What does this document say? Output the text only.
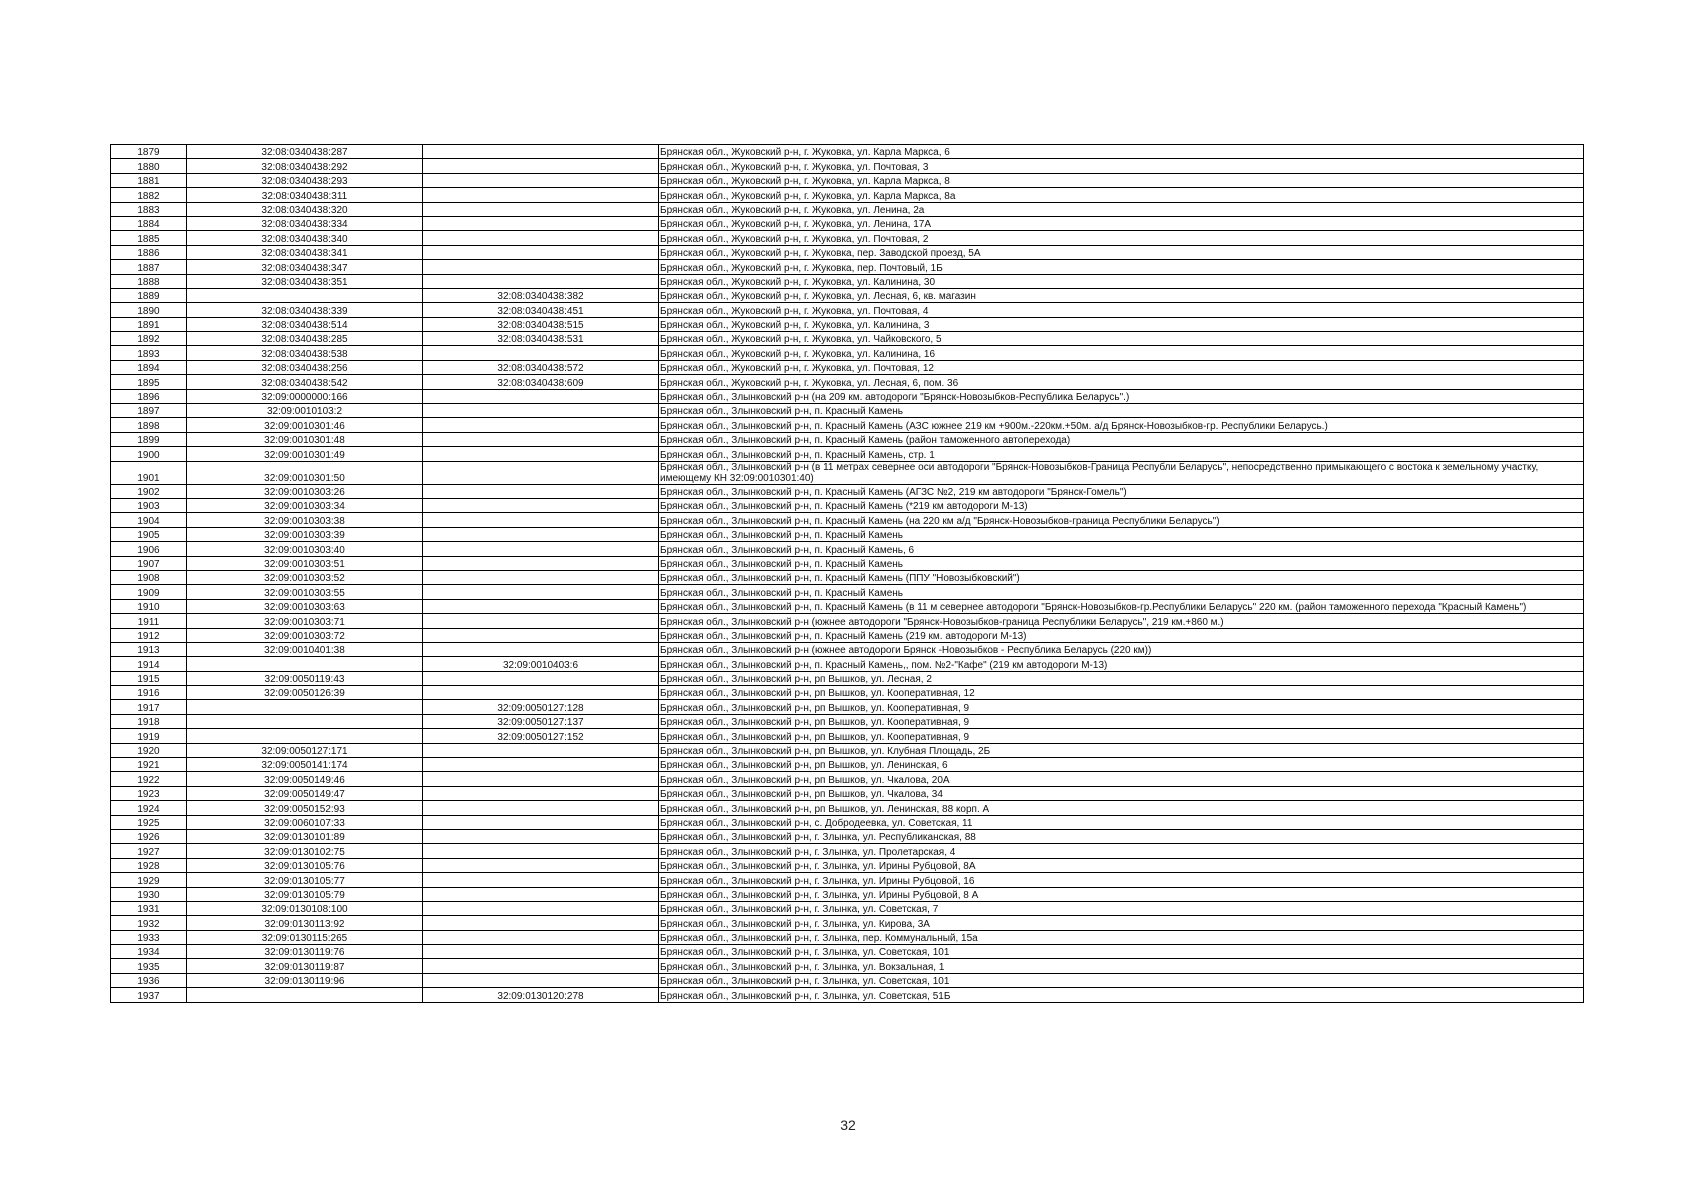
1879	32:08:0340438:287		Брянская обл., Жуковский р-н, г. Жуковка, ул. Карла Маркса, 6
1880	32:08:0340438:292		Брянская обл., Жуковский р-н, г. Жуковка, ул. Почтовая, 3
1881	32:08:0340438:293		Брянская обл., Жуковский р-н, г. Жуковка, ул. Карла Маркса, 8
1882	32:08:0340438:311		Брянская обл., Жуковский р-н, г. Жуковка, ул. Карла Маркса, 8а
1883	32:08:0340438:320		Брянская обл., Жуковский р-н, г. Жуковка, ул. Ленина, 2а
1884	32:08:0340438:334		Брянская обл., Жуковский р-н, г. Жуковка, ул. Ленина, 17А
1885	32:08:0340438:340		Брянская обл., Жуковский р-н, г. Жуковка, ул. Почтовая, 2
1886	32:08:0340438:341		Брянская обл., Жуковский р-н, г. Жуковка, пер. Заводской проезд, 5А
1887	32:08:0340438:347		Брянская обл., Жуковский р-н, г. Жуковка, пер. Почтовый, 1Б
1888	32:08:0340438:351		Брянская обл., Жуковский р-н, г. Жуковка, ул. Калинина, 30
1889		32:08:0340438:382	Брянская обл., Жуковский р-н, г. Жуковка, ул. Лесная, 6, кв. магазин
1890	32:08:0340438:339	32:08:0340438:451	Брянская обл., Жуковский р-н, г. Жуковка, ул. Почтовая, 4
1891	32:08:0340438:514	32:08:0340438:515	Брянская обл., Жуковский р-н, г. Жуковка, ул. Калинина, 3
1892	32:08:0340438:285	32:08:0340438:531	Брянская обл., Жуковский р-н, г. Жуковка, ул. Чайковского, 5
1893	32:08:0340438:538		Брянская обл., Жуковский р-н, г. Жуковка, ул. Калинина, 16
1894	32:08:0340438:256	32:08:0340438:572	Брянская обл., Жуковский р-н, г. Жуковка, ул. Почтовая, 12
1895	32:08:0340438:542	32:08:0340438:609	Брянская обл., Жуковский р-н, г. Жуковка, ул. Лесная, 6, пом. 36
1896	32:09:0000000:166		Брянская обл., Злынковский р-н (на 209 км. автодороги "Брянск-Новозыбков-Республика Беларусь".)
1897	32:09:0010103:2		Брянская обл., Злынковский р-н, п. Красный Камень
1898	32:09:0010301:46		Брянская обл., Злынковский р-н, п. Красный Камень (АЗС южнее 219 км +900м.-220км.+50м. а/д Брянск-Новозыбков-гр. Республики Беларусь.)
1899	32:09:0010301:48		Брянская обл., Злынковский р-н, п. Красный Камень (район таможенного автоперехода)
1900	32:09:0010301:49		Брянская обл., Злынковский р-н, п. Красный Камень, стр. 1
1901	32:09:0010301:50		Брянская обл., Злынковский р-н (в 11 метрах севернее оси автодороги "Брянск-Новозыбков-Граница Республи Беларусь", непосредственно примыкающего с востока к земельному участку, имеющему КН 32:09:0010301:40)
1902	32:09:0010303:26		Брянская обл., Злынковский р-н, п. Красный Камень (АГЗС №2, 219 км автодороги "Брянск-Гомель")
1903	32:09:0010303:34		Брянская обл., Злынковский р-н, п. Красный Камень (*219 км автодороги М-13)
1904	32:09:0010303:38		Брянская обл., Злынковский р-н, п. Красный Камень (на 220 км а/д "Брянск-Новозыбков-граница Республики Беларусь")
1905	32:09:0010303:39		Брянская обл., Злынковский р-н, п. Красный Камень
1906	32:09:0010303:40		Брянская обл., Злынковский р-н, п. Красный Камень, 6
1907	32:09:0010303:51		Брянская обл., Злынковский р-н, п. Красный Камень
1908	32:09:0010303:52		Брянская обл., Злынковский р-н, п. Красный Камень (ППУ "Новозыбковский")
1909	32:09:0010303:55		Брянская обл., Злынковский р-н, п. Красный Камень
1910	32:09:0010303:63		Брянская обл., Злынковский р-н, п. Красный Камень (в 11 м севернее автодороги "Брянск-Новозыбков-гр.Республики Беларусь" 220 км. (район таможенного перехода "Красный Камень")
1911	32:09:0010303:71		Брянская обл., Злынковский р-н (южнее автодороги "Брянск-Новозыбков-граница Республики Беларусь", 219 км.+860 м.)
1912	32:09:0010303:72		Брянская обл., Злынковский р-н, п. Красный Камень (219 км. автодороги М-13)
1913	32:09:0010401:38		Брянская обл., Злынковский р-н (южнее автодороги Брянск -Новозыбков - Республика Беларусь (220 км))
1914		32:09:0010403:6	Брянская обл., Злынковский р-н, п. Красный Камень,, пом. №2-"Кафе" (219 км автодороги М-13)
1915	32:09:0050119:43		Брянская обл., Злынковский р-н, рп Вышков, ул. Лесная, 2
1916	32:09:0050126:39		Брянская обл., Злынковский р-н, рп Вышков, ул. Кооперативная, 12
1917		32:09:0050127:128	Брянская обл., Злынковский р-н, рп Вышков, ул. Кооперативная, 9
1918		32:09:0050127:137	Брянская обл., Злынковский р-н, рп Вышков, ул. Кооперативная, 9
1919		32:09:0050127:152	Брянская обл., Злынковский р-н, рп Вышков, ул. Кооперативная, 9
1920	32:09:0050127:171		Брянская обл., Злынковский р-н, рп Вышков, ул. Клубная Площадь, 2Б
1921	32:09:0050141:174		Брянская обл., Злынковский р-н, рп Вышков, ул. Ленинская, 6
1922	32:09:0050149:46		Брянская обл., Злынковский р-н, рп Вышков, ул. Чкалова, 20А
1923	32:09:0050149:47		Брянская обл., Злынковский р-н, рп Вышков, ул. Чкалова, 34
1924	32:09:0050152:93		Брянская обл., Злынковский р-н, рп Вышков, ул. Ленинская, 88 корп. А
1925	32:09:0060107:33		Брянская обл., Злынковский р-н, с. Добродеевка, ул. Советская, 11
1926	32:09:0130101:89		Брянская обл., Злынковский р-н, г. Злынка, ул. Республиканская, 88
1927	32:09:0130102:75		Брянская обл., Злынковский р-н, г. Злынка, ул. Пролетарская, 4
1928	32:09:0130105:76		Брянская обл., Злынковский р-н, г. Злынка, ул. Ирины Рубцовой, 8А
1929	32:09:0130105:77		Брянская обл., Злынковский р-н, г. Злынка, ул. Ирины Рубцовой, 16
1930	32:09:0130105:79		Брянская обл., Злынковский р-н, г. Злынка, ул. Ирины Рубцовой, 8 А
1931	32:09:0130108:100		Брянская обл., Злынковский р-н, г. Злынка, ул. Советская, 7
1932	32:09:0130113:92		Брянская обл., Злынковский р-н, г. Злынка, ул. Кирова, 3А
1933	32:09:0130115:265		Брянская обл., Злынковский р-н, г. Злынка, пер. Коммунальный, 15а
1934	32:09:0130119:76		Брянская обл., Злынковский р-н, г. Злынка, ул. Советская, 101
1935	32:09:0130119:87		Брянская обл., Злынковский р-н, г. Злынка, ул. Вокзальная, 1
1936	32:09:0130119:96		Брянская обл., Злынковский р-н, г. Злынка, ул. Советская, 101
1937		32:09:0130120:278	Брянская обл., Злынковский р-н, г. Злынка, ул. Советская, 51Б
32
